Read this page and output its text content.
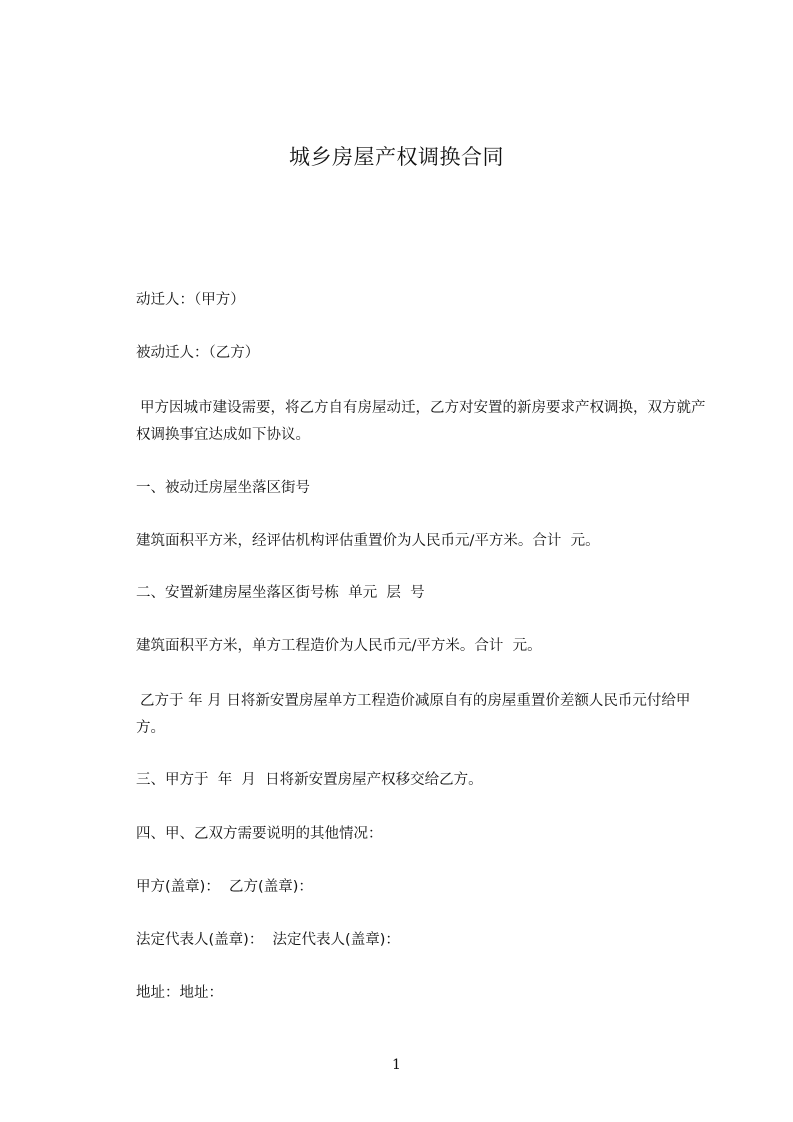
城乡房屋产权调换合同
动迁人：（甲方）
被动迁人：（乙方）
甲方因城市建设需要，将乙方自有房屋动迁，乙方对安置的新房要求产权调换，双方就产权调换事宜达成如下协议。
一、被动迁房屋坐落区街号
建筑面积平方米，经评估机构评估重置价为人民币元/平方米。合计  元。
二、安置新建房屋坐落区街号栋  单元  层  号
建筑面积平方米，单方工程造价为人民币元/平方米。合计  元。
乙方于 年 月 日将新安置房屋单方工程造价减原自有的房屋重置价差额人民币元付给甲方。
三、甲方于  年  月  日将新安置房屋产权移交给乙方。
四、甲、乙双方需要说明的其他情况：
甲方(盖章)：  乙方(盖章)：
法定代表人(盖章)：  法定代表人(盖章)：
地址：地址：
1
